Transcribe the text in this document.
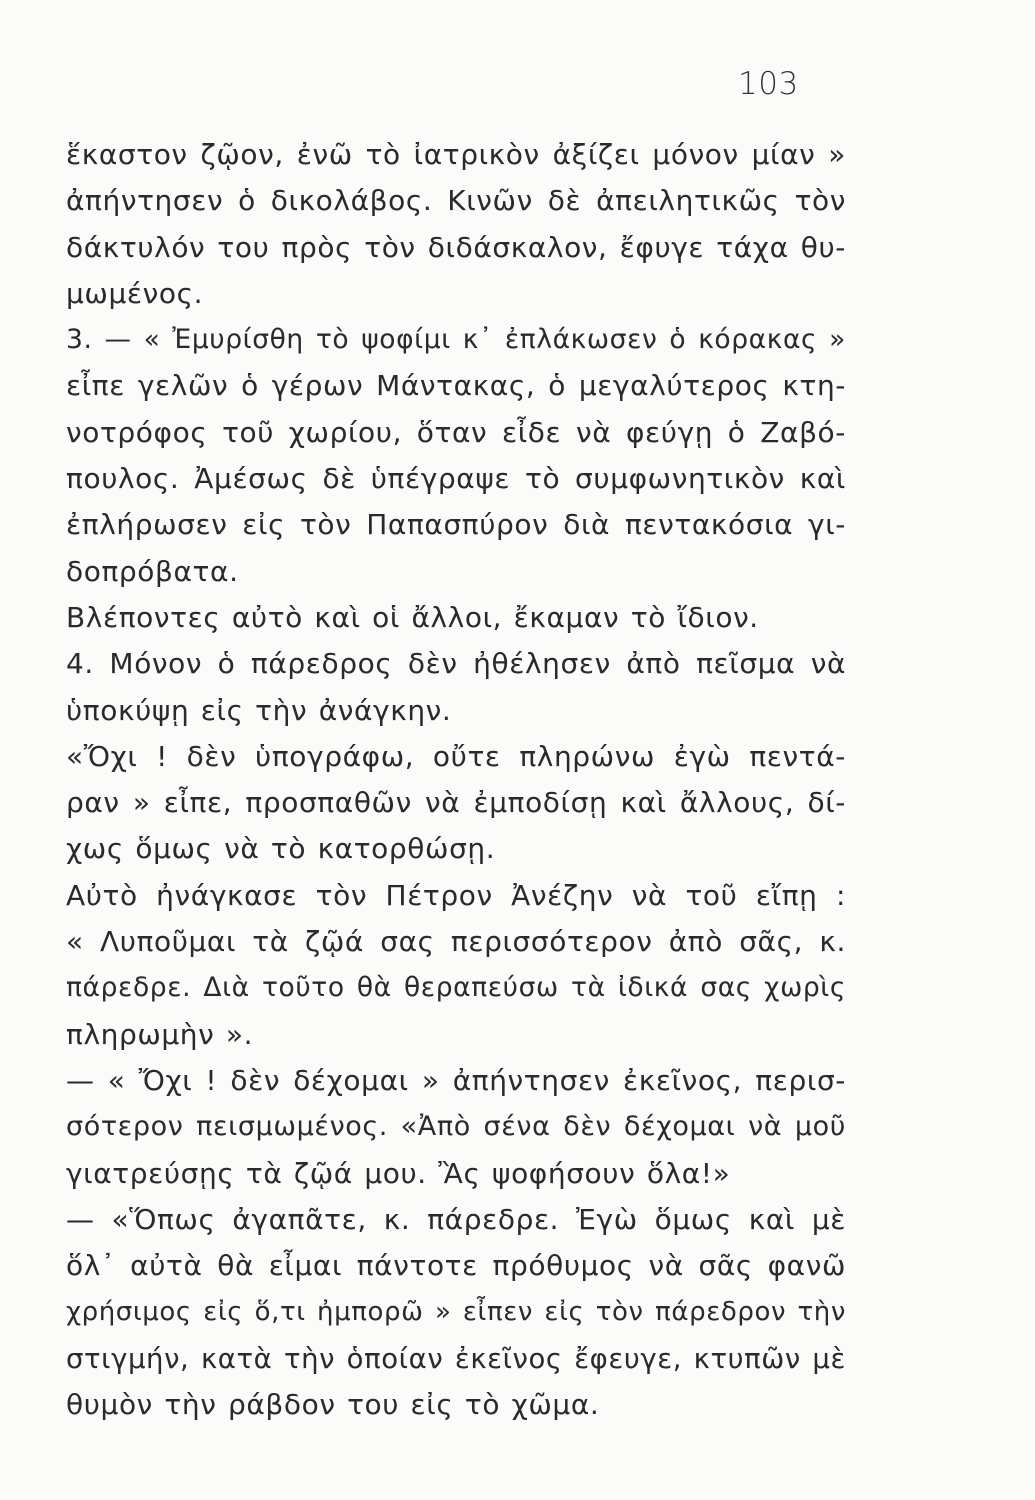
103
ἕκαστον ζῷον, ἐνῶ τὸ ἰατρικὸν ἀξίζει μόνον μίαν »
ἀπήντησεν ὁ δικολάβος. Κινῶν δὲ ἀπειλητικῶς τὸν
δάκτυλόν του πρὸς τὸν διδάσκαλον, ἔφυγε τάχα θυ-
μωμένος.
3. — « Ἐμυρίσθη τὸ ψοφίμι κ᾽ ἐπλάκωσεν ὁ κόρακας »
εἶπε γελῶν ὁ γέρων Μάντακας, ὁ μεγαλύτερος κτη-
νοτρόφος τοῦ χωρίου, ὅταν εἶδε νὰ φεύγῃ ὁ Ζαβό-
πουλος. Ἀμέσως δὲ ὑπέγραψε τὸ συμφωνητικὸν καὶ
ἐπλήρωσεν εἰς τὸν Παπασπύρον διὰ πεντακόσια γι-
δοπρόβατα.
Βλέποντες αὐτὸ καὶ οἱ ἄλλοι, ἔκαμαν τὸ ἴδιον.
4. Μόνον ὁ πάρεδρος δὲν ἠθέλησεν ἀπὸ πεῖσμα νὰ
ὑποκύψῃ εἰς τὴν ἀνάγκην.
«Ὄχι ! δὲν ὑπογράφω, οὔτε πληρώνω ἐγὼ πεντά-
ραν » εἶπε, προσπαθῶν νὰ ἐμποδίσῃ καὶ ἄλλους, δί-
χως ὅμως νὰ τὸ κατορθώσῃ.
Αὐτὸ ἠνάγκασε τὸν Πέτρον Ἀνέζην νὰ τοῦ εἴπῃ :
« Λυποῦμαι τὰ ζῷά σας περισσότερον ἀπὸ σᾶς, κ.
πάρεδρε. Διὰ τοῦτο θὰ θεραπεύσω τὰ ἰδικά σας χωρὶς
πληρωμὴν ».
— « Ὄχι ! δὲν δέχομαι » ἀπήντησεν ἐκεῖνος, περισ-
σότερον πεισμωμένος. «Ἀπὸ σένα δὲν δέχομαι νὰ μοῦ
γιατρεύσῃς τὰ ζῷά μου. Ἂς ψοφήσουν ὅλα!»
— «Ὅπως ἀγαπᾶτε, κ. πάρεδρε. Ἐγὼ ὅμως καὶ μὲ
ὅλ᾽ αὐτὰ θὰ εἶμαι πάντοτε πρόθυμος νὰ σᾶς φανῶ
χρήσιμος εἰς ὅ,τι ἠμπορῶ » εἶπεν εἰς τὸν πάρεδρον τὴν
στιγμήν, κατὰ τὴν ὁποίαν ἐκεῖνος ἔφευγε, κτυπῶν μὲ
θυμὸν τὴν ράβδον του εἰς τὸ χῶμα.
